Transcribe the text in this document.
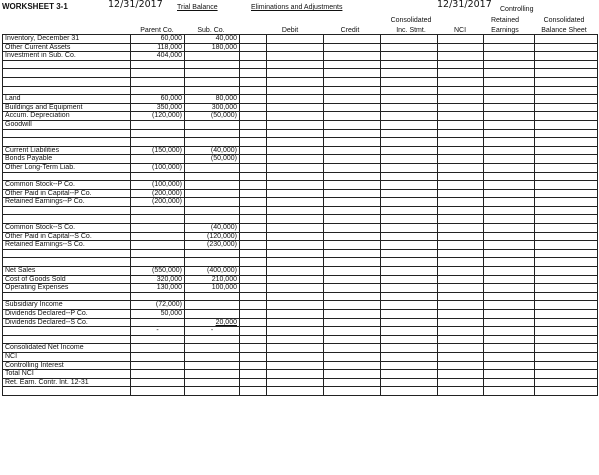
WORKSHEET 3-1	12/31/2017 Trial Balance	Eliminations and Adjustments	12/31/2017 Controlling
Consolidated	Retained	Consolidated
Parent Co.	Sub. Co.	Debit	Credit	Inc. Stmt.	NCI	Earnings	Balance Sheet
Inventory, December 31	60,000	40,000							
Other Current Assets	118,000	180,000							
Investment in Sub. Co.	404,000								

Land	60,000	80,000							
Buildings and Equipment	350,000	300,000							
Accum. Depreciation	(120,000)	(50,000)							
Goodwill									

Current Liabilities	(150,000)	(40,000)							
Bonds Payable		(50,000)							
Other Long-Term Liab.	(100,000)								

Common Stock--P Co.	(100,000)								
Other Paid in Capital--P Co.	(200,000)								
Retained Earnings--P Co.	(200,000)								

Common Stock--S Co.		(40,000)							
Other Paid in Capital--S Co.		(120,000)							
Retained Earnings--S Co.		(230,000)							

Net Sales	(550,000)	(400,000)							
Cost of Goods Sold	320,000	210,000							
Operating Expenses	130,000	100,000							

Subsidiary Income	(72,000)								
Dividends Declared--P Co.	50,000								
Dividends Declared--S Co.		20,000							
	-	-							

Consolidated Net Income									
NCI									
Controlling Interest									
Total NCI									
Ret. Earn. Contr. Int. 12-31									
